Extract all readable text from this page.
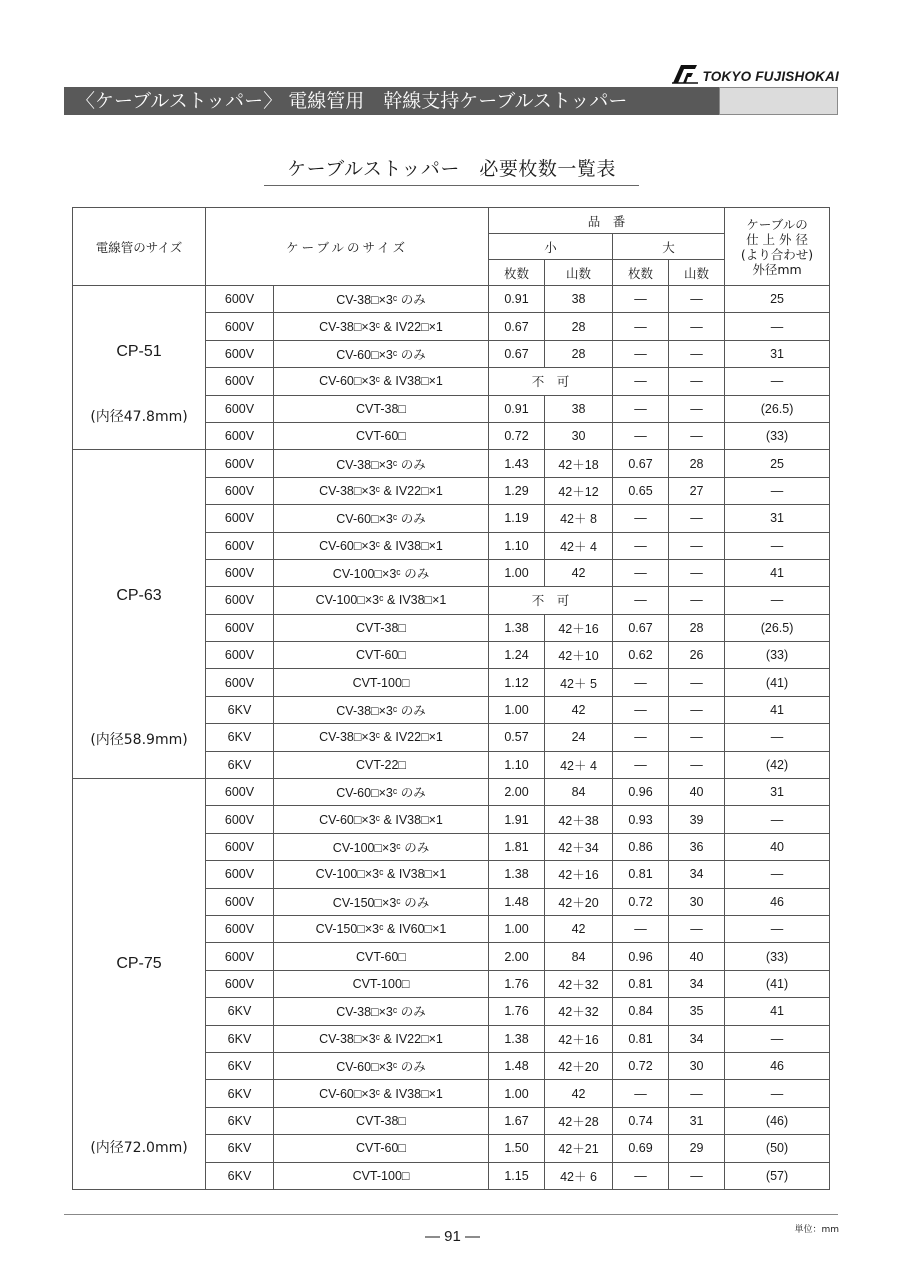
TOKYO FUJISHOKAI
〈ケーブルストッパー〉 電線管用　幹線支持ケーブルストッパー
ケーブルストッパー　必要枚数一覧表
電線管のサイズ	ケーブルのサイズ		品　番				ケーブルの
仕 上 外 径
(より合わせ)
外径mm

			小		大		
			枚数	山数	枚数	山数	

CP-51
(内径47.8mm)	600V	CV-38□×3ᶜ のみ	0.91	38	—	—	25
	600V	CV-38□×3ᶜ & IV22□×1	0.67	28	—	—	—
	600V	CV-60□×3ᶜ のみ	0.67	28	—	—	31
	600V	CV-60□×3ᶜ & IV38□×1	不　可		—	—	—
	600V	CVT-38□	0.91	38	—	—	(26.5)
	600V	CVT-60□	0.72	30	—	—	(33)

CP-63
(内径58.9mm)	600V	CV-38□×3ᶜ のみ	1.43	42＋18	0.67	28	25
	600V	CV-38□×3ᶜ & IV22□×1	1.29	42＋12	0.65	27	—
	600V	CV-60□×3ᶜ のみ	1.19	42＋ 8	—	—	31
	600V	CV-60□×3ᶜ & IV38□×1	1.10	42＋ 4	—	—	—
	600V	CV-100□×3ᶜ のみ	1.00	42	—	—	41
	600V	CV-100□×3ᶜ & IV38□×1	不　可		—	—	—
	600V	CVT-38□	1.38	42＋16	0.67	28	(26.5)
	600V	CVT-60□	1.24	42＋10	0.62	26	(33)
	600V	CVT-100□	1.12	42＋ 5	—	—	(41)
	6KV	CV-38□×3ᶜ のみ	1.00	42	—	—	41
	6KV	CV-38□×3ᶜ & IV22□×1	0.57	24	—	—	—
	6KV	CVT-22□	1.10	42＋ 4	—	—	(42)

CP-75
(内径72.0mm)	600V	CV-60□×3ᶜ のみ	2.00	84	0.96	40	31
	600V	CV-60□×3ᶜ & IV38□×1	1.91	42＋38	0.93	39	—
	600V	CV-100□×3ᶜ のみ	1.81	42＋34	0.86	36	40
	600V	CV-100□×3ᶜ & IV38□×1	1.38	42＋16	0.81	34	—
	600V	CV-150□×3ᶜ のみ	1.48	42＋20	0.72	30	46
	600V	CV-150□×3ᶜ & IV60□×1	1.00	42	—	—	—
	600V	CVT-60□	2.00	84	0.96	40	(33)
	600V	CVT-100□	1.76	42＋32	0.81	34	(41)
	6KV	CV-38□×3ᶜ のみ	1.76	42＋32	0.84	35	41
	6KV	CV-38□×3ᶜ & IV22□×1	1.38	42＋16	0.81	34	—
	6KV	CV-60□×3ᶜ のみ	1.48	42＋20	0.72	30	46
	6KV	CV-60□×3ᶜ & IV38□×1	1.00	42	—	—	—
	6KV	CVT-38□	1.67	42＋28	0.74	31	(46)
	6KV	CVT-60□	1.50	42＋21	0.69	29	(50)
	6KV	CVT-100□	1.15	42＋ 6	—	—	(57)
— 91 —	単位：mm
